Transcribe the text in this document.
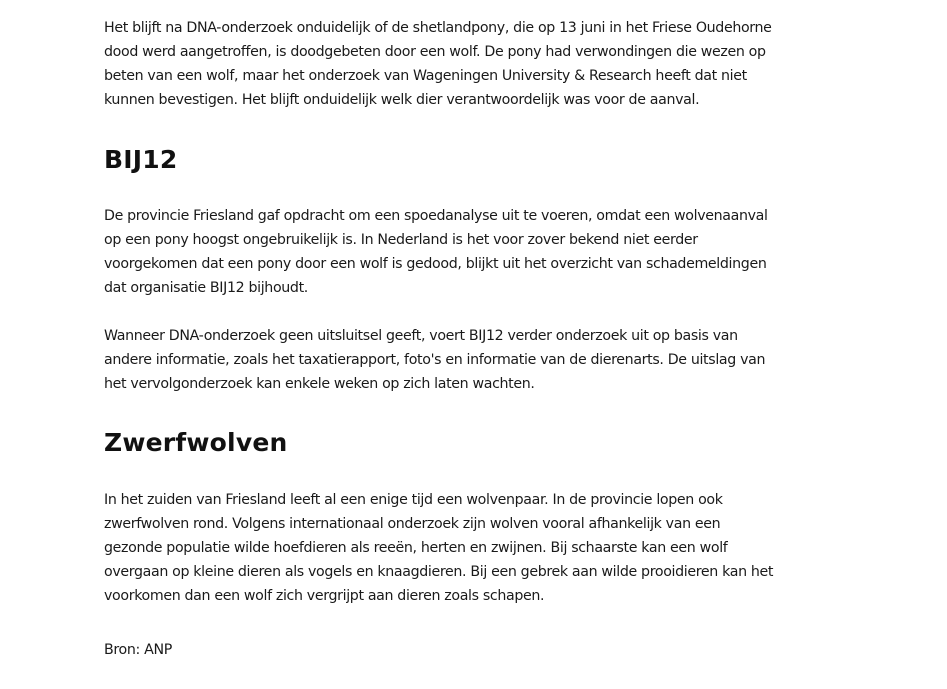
Het blijft na DNA-onderzoek onduidelijk of de shetlandpony, die op 13 juni in het Friese Oudehorne
dood werd aangetroffen, is doodgebeten door een wolf. De pony had verwondingen die wezen op
beten van een wolf, maar het onderzoek van Wageningen University & Research heeft dat niet
kunnen bevestigen. Het blijft onduidelijk welk dier verantwoordelijk was voor de aanval.

BIJ12

De provincie Friesland gaf opdracht om een spoedanalyse uit te voeren, omdat een wolvenaanval
op een pony hoogst ongebruikelijk is. In Nederland is het voor zover bekend niet eerder
voorgekomen dat een pony door een wolf is gedood, blijkt uit het overzicht van schademeldingen
dat organisatie BIJ12 bijhoudt.

Wanneer DNA-onderzoek geen uitsluitsel geeft, voert BIJ12 verder onderzoek uit op basis van
andere informatie, zoals het taxatierapport, foto's en informatie van de dierenarts. De uitslag van
het vervolgonderzoek kan enkele weken op zich laten wachten.

Zwerfwolven

In het zuiden van Friesland leeft al een enige tijd een wolvenpaar. In de provincie lopen ook
zwerfwolven rond. Volgens internationaal onderzoek zijn wolven vooral afhankelijk van een
gezonde populatie wilde hoefdieren als reeën, herten en zwijnen. Bij schaarste kan een wolf
overgaan op kleine dieren als vogels en knaagdieren. Bij een gebrek aan wilde prooidieren kan het
voorkomen dan een wolf zich vergrijpt aan dieren zoals schapen.

Bron: ANP
